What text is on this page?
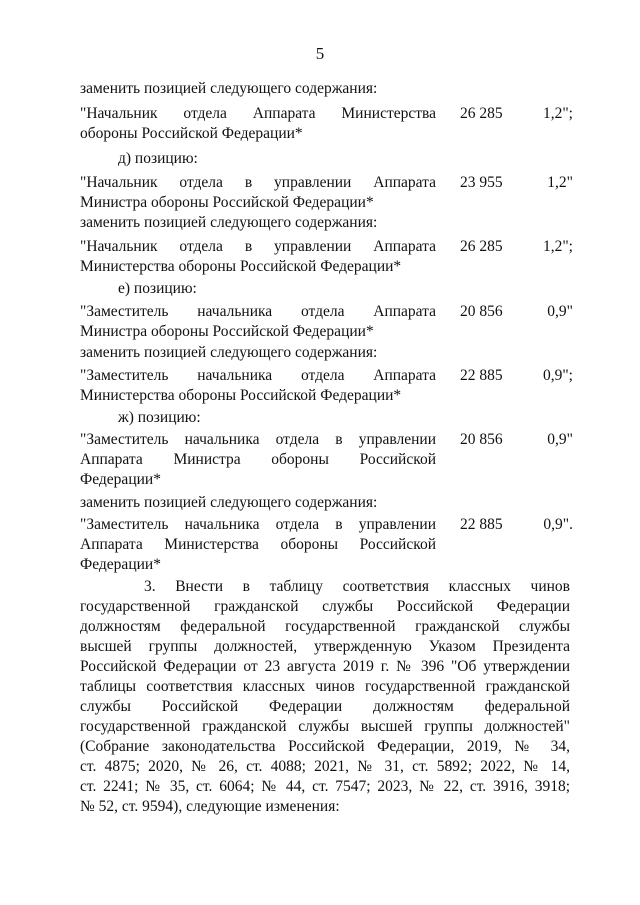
5
заменить позицией следующего содержания:
"Начальник отдела Аппарата Министерства
обороны Российской Федерации*
26 285	1,2";
д) позицию:
"Начальник отдела в управлении Аппарата
Министра обороны Российской Федерации*
23 955	1,2"
заменить позицией следующего содержания:
"Начальник отдела в управлении Аппарата
Министерства обороны Российской Федерации*
26 285	1,2";
е) позицию:
"Заместитель начальника отдела Аппарата
Министра обороны Российской Федерации*
20 856	0,9"
заменить позицией следующего содержания:
"Заместитель начальника отдела Аппарата
Министерства обороны Российской Федерации*
22 885	0,9";
ж) позицию:
"Заместитель начальника отдела в управлении
Аппарата Министра обороны Российской
Федерации*
20 856	0,9"
заменить позицией следующего содержания:
"Заместитель начальника отдела в управлении
Аппарата Министерства обороны Российской
Федерации*
22 885	0,9".
3. Внести в таблицу соответствия классных чинов
государственной гражданской службы Российской Федерации
должностям федеральной государственной гражданской службы
высшей группы должностей, утвержденную Указом Президента
Российской Федерации от 23 августа 2019 г. № 396 "Об утверждении
таблицы соответствия классных чинов государственной гражданской
службы Российской Федерации должностям федеральной
государственной гражданской службы высшей группы должностей"
(Собрание законодательства Российской Федерации, 2019, № 34,
ст. 4875; 2020, № 26, ст. 4088; 2021, № 31, ст. 5892; 2022, № 14,
ст. 2241; № 35, ст. 6064; № 44, ст. 7547; 2023, № 22, ст. 3916, 3918;
№ 52, ст. 9594), следующие изменения:
